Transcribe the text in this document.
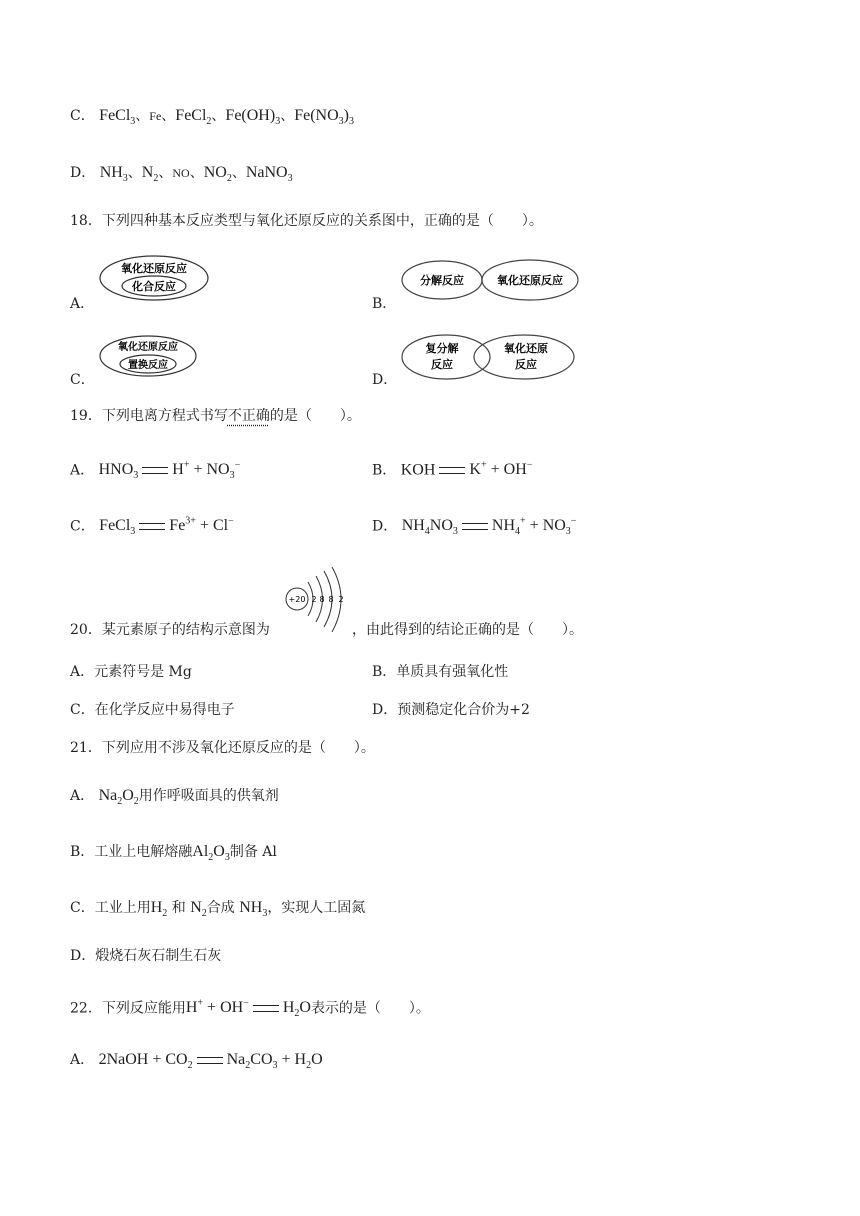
C． FeCl$_3$、Fe、FeCl$_2$、$Fe(OH)_3$、$Fe(NO_3)_3$
D． $NH_3$、$N_2$、NO、$NO_2$、NaNO$_3$
18．下列四种基本反应类型与氧化还原反应的关系图中，正确的是（　　）。
A．
氧化还原反应
化合反应
B．
分解反应	氧化还原反应
C．
氧化还原反应
置换反应
D．
复分解
反应
氧化还原
反应
19．下列电离方程式书写不正确的是（　　）。
A． $HNO_3$ $H^+ + NO_3^-$	B． KOH K+ + OH−
C． FeCl$_3$ $Fe^{3+} + Cl^-$	D． $NH_4NO_3$ $NH_4^+ + NO_3^-$
20．某元素原子的结构示意图为
+20 2 8 8 2
，由此得到的结论正确的是（　　）。
A．元素符号是 Mg	B．单质具有强氧化性
C．在化学反应中易得电子	D．预测稳定化合价为+2
21．下列应用不涉及氧化还原反应的是（　　）。
A． $Na_2O_2$用作呼吸面具的供氧剂
B．工业上电解熔融$Al_2O_3$制备 Al
C．工业上用$H_2$ 和 $N_2$合成 $NH_3$，实现人工固氮
D．煅烧石灰石制生石灰
22．下列反应能用H+ + OH− $H_2O$表示的是（　　）。
A． 2NaOH + $CO_2$ $Na_2CO_3 + H_2O$
